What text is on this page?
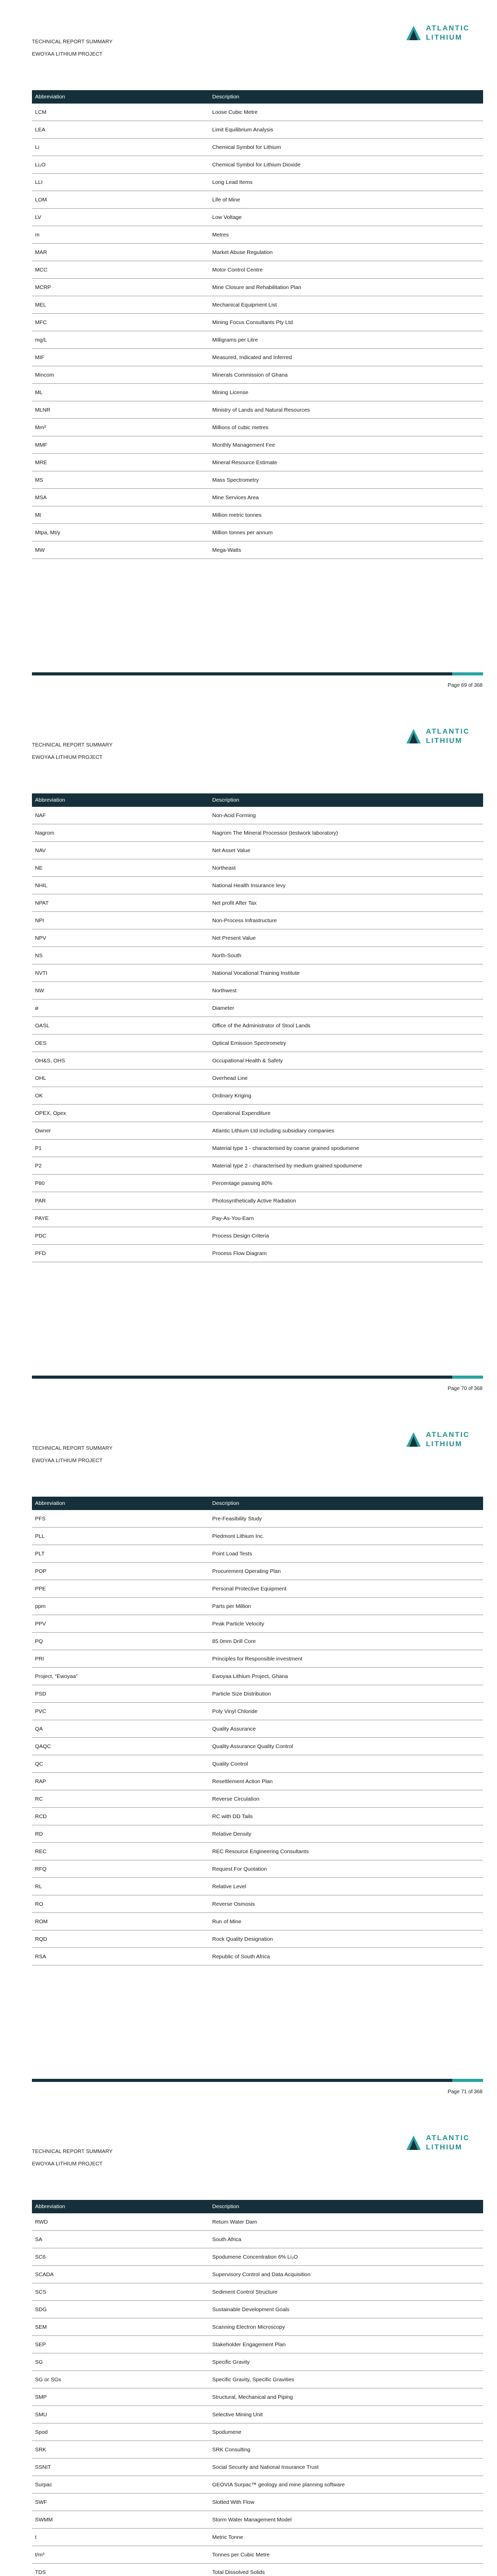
TECHNICAL REPORT SUMMARY
EWOYAA LITHIUM PROJECT
ATLANTIC
LITHIUM
Abbreviation	Description
LCM	Loose Cubic Metre
LEA	Limit Equilibrium Analysis
Li	Chemical Symbol for Lithium
Li₂O	Chemical Symbol for Lithium Dioxide
LLI	Long Lead Items
LOM	Life of Mine
LV	Low Voltage
m	Metres
MAR	Market Abuse Regulation
MCC	Motor Control Centre
MCRP	Mine Closure and Rehabilitation Plan
MEL	Mechanical Equipment List
MFC	Mining Focus Consultants Pty Ltd
mg/L	Milligrams per Litre
MIF	Measured, Indicated and Inferred
Mincom	Minerals Commission of Ghana
ML	Mining License
MLNR	Ministry of Lands and Natural Resources
Mm³	Millions of cubic metres
MMF	Monthly Management Fee
MRE	Mineral Resource Estimate
MS	Mass Spectrometry
MSA	Mine Services Area
Mt	Million metric tonnes
Mtpa, Mt/y	Million tonnes per annum
MW	Mega-Watts
Page 69 of 368
TECHNICAL REPORT SUMMARY
EWOYAA LITHIUM PROJECT
ATLANTIC
LITHIUM
Abbreviation	Description
NAF	Non-Acid Forming
Nagrom	Nagrom The Mineral Processor (testwork laboratory)
NAV	Net Asset Value
NE	Northeast
NHIL	National Health Insurance levy
NPAT	Net profit After Tax
NPI	Non-Process Infrastructure
NPV	Net Present Value
NS	North-South
NVTI	National Vocational Training Institute
NW	Northwest
ø	Diameter
OASL	Office of the Administrator of Stool Lands
OES	Optical Emission Spectrometry
OH&S, OHS	Occupational Health & Safety
OHL	Overhead Line
OK	Ordinary Kriging
OPEX, Opex	Operational Expenditure
Owner	Atlantic Lithium Ltd including subsidiary companies
P1	Material type 1 - characterised by coarse grained spodumene
P2	Material type 2 - characterised by medium grained spodumene
P80	Percentage passing 80%
PAR	Photosynthetically Active Radiation
PAYE	Pay-As-You-Earn
PDC	Process Design Criteria
PFD	Process Flow Diagram
Page 70 of 368
TECHNICAL REPORT SUMMARY
EWOYAA LITHIUM PROJECT
ATLANTIC
LITHIUM
Abbreviation	Description
PFS	Pre-Feasibility Study
PLL	Piedmont Lithium Inc.
PLT	Point Load Tests
POP	Procurement Operating Plan
PPE	Personal Protective Equipment
ppm	Parts per Million
PPV	Peak Particle Velocity
PQ	85.0mm Drill Core
PRI	Principles for Responsible investment
Project, “Ewoyaa”	Ewoyaa Lithium Project, Ghana
PSD	Particle Size Distribution
PVC	Poly Vinyl Chloride
QA	Quality Assurance
QAQC	Quality Assurance Quality Control
QC	Quality Control
RAP	Resettlement Action Plan
RC	Reverse Circulation
RCD	RC with DD Tails
RD	Relative Density
REC	REC Resource Engineering Consultants
RFQ	Request For Quotation
RL	Relative Level
RO	Reverse Osmosis
ROM	Run of Mine
RQD	Rock Quality Designation
RSA	Republic of South Africa
Page 71 of 368
TECHNICAL REPORT SUMMARY
EWOYAA LITHIUM PROJECT
ATLANTIC
LITHIUM
Abbreviation	Description
RWD	Return Water Dam
SA	South Africa
SC6	Spodumene Concentration 6% Li₂O
SCADA	Supervisory Control and Data Acquisition
SCS	Sediment Control Structure
SDG	Sustainable Development Goals
SEM	Scanning Electron Microscopy
SEP	Stakeholder Engagement Plan
SG	Specific Gravity
SG or SGs	Specific Gravity, Specific Gravities
SMP	Structural, Mechanical and Piping
SMU	Selective Mining Unit
Spod	Spodumene
SRK	SRK Consulting
SSNIT	Social Security and National Insurance Trust
Surpac	GEOVIA Surpac™ geology and mine planning software
SWF	Slotted With Flow
SWMM	Storm Water Management Model
t	Metric Tonne
t/m³	Tonnes per Cubic Metre
TDS	Total Dissolved Solids
